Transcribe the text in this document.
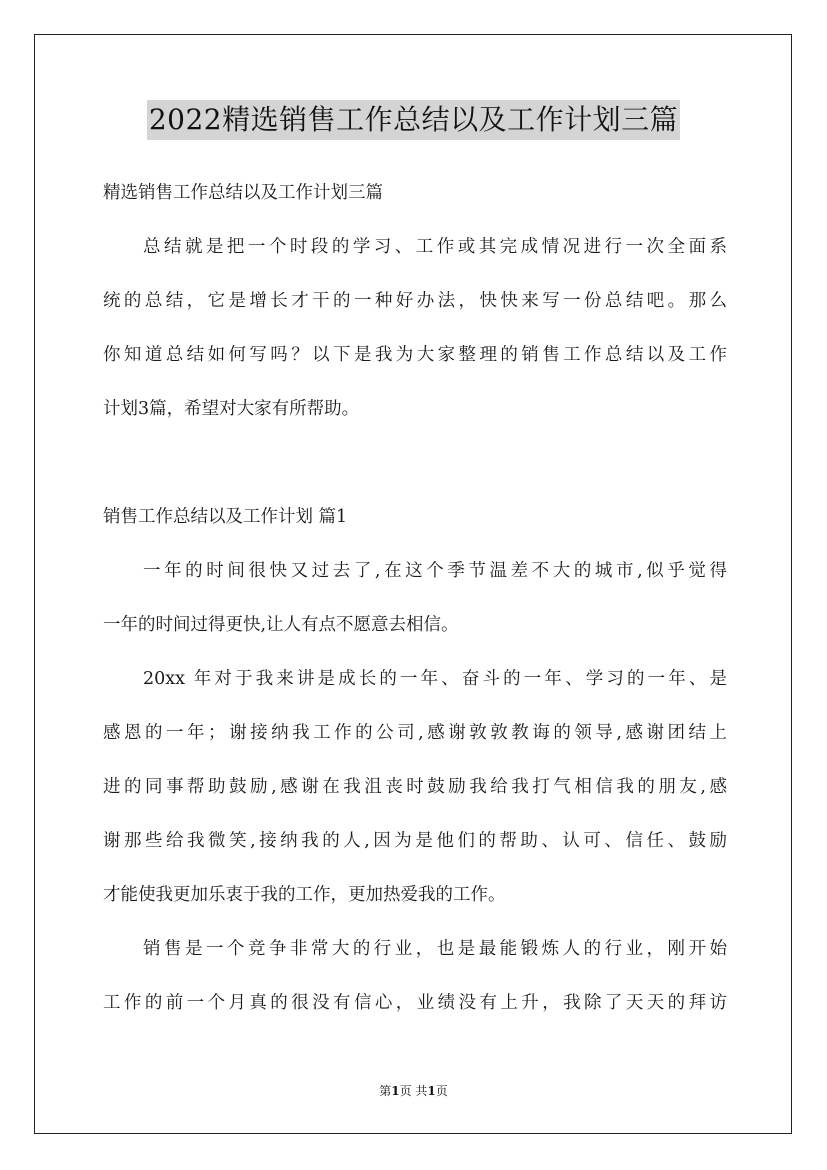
2022精选销售工作总结以及工作计划三篇
精选销售工作总结以及工作计划三篇
总结就是把一个时段的学习、工作或其完成情况进行一次全面系
统的总结，它是增长才干的一种好办法，快快来写一份总结吧。那么
你知道总结如何写吗？以下是我为大家整理的销售工作总结以及工作
计划3篇，希望对大家有所帮助。
销售工作总结以及工作计划 篇1
一年的时间很快又过去了,在这个季节温差不大的城市,似乎觉得
一年的时间过得更快,让人有点不愿意去相信。
20xx 年对于我来讲是成长的一年、奋斗的一年、学习的一年、是
感恩的一年；谢接纳我工作的公司,感谢敦敦教诲的领导,感谢团结上
进的同事帮助鼓励,感谢在我沮丧时鼓励我给我打气相信我的朋友,感
谢那些给我微笑,接纳我的人,因为是他们的帮助、认可、信任、鼓励
才能使我更加乐衷于我的工作，更加热爱我的工作。
销售是一个竞争非常大的行业，也是最能锻炼人的行业，刚开始
工作的前一个月真的很没有信心，业绩没有上升，我除了天天的拜访
第1页 共1页
